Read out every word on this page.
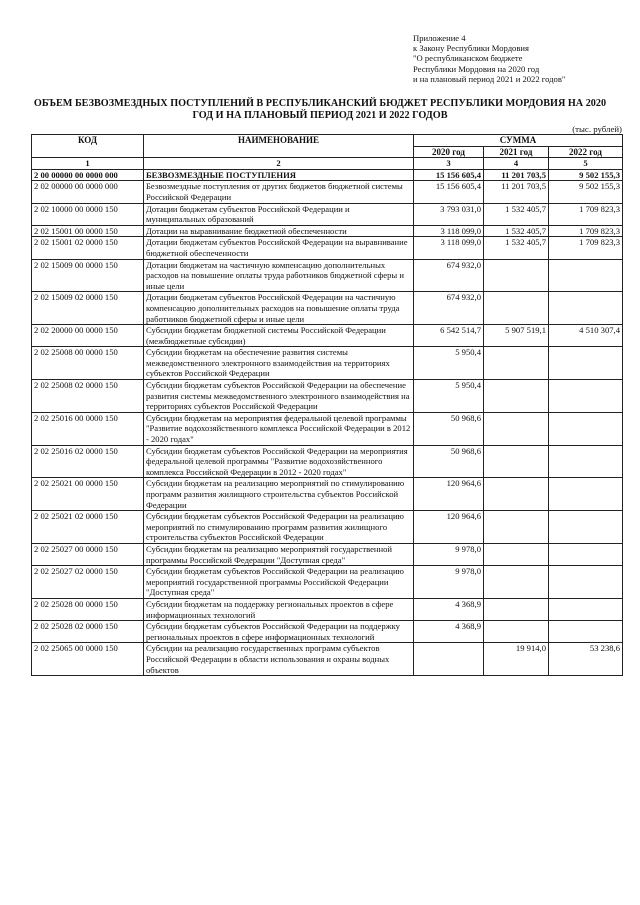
Приложение 4
к Закону Республики Мордовия
"О республиканском бюджете
Республики Мордовия на 2020 год
и на плановый период 2021 и 2022 годов"
ОБЪЕМ БЕЗВОЗМЕЗДНЫХ ПОСТУПЛЕНИЙ В РЕСПУБЛИКАНСКИЙ БЮДЖЕТ РЕСПУБЛИКИ МОРДОВИЯ НА 2020
ГОД И НА ПЛАНОВЫЙ ПЕРИОД 2021 И 2022 ГОДОВ
(тыс. рублей)
КОД	НАИМЕНОВАНИЕ	СУММА		
		2020 год	2021 год	2022 год
1	2	3	4	5
2 00 00000 00 0000 000	БЕЗВОЗМЕЗДНЫЕ ПОСТУПЛЕНИЯ	15 156 605,4	11 201 703,5	9 502 155,3
2 02 00000 00 0000 000	Безвозмездные поступления от других бюджетов бюджетной системы Российской Федерации	15 156 605,4	11 201 703,5	9 502 155,3
2 02 10000 00 0000 150	Дотации бюджетам субъектов Российской Федерации и муниципальных образований	3 793 031,0	1 532 405,7	1 709 823,3
2 02 15001 00 0000 150	Дотации на выравнивание бюджетной обеспеченности	3 118 099,0	1 532 405,7	1 709 823,3
2 02 15001 02 0000 150	Дотации бюджетам субъектов Российской Федерации на выравнивание бюджетной обеспеченности	3 118 099,0	1 532 405,7	1 709 823,3
2 02 15009 00 0000 150	Дотации бюджетам на частичную компенсацию дополнительных расходов на повышение оплаты труда работников бюджетной сферы и иные цели	674 932,0		
2 02 15009 02 0000 150	Дотации бюджетам субъектов Российской Федерации на частичную компенсацию дополнительных расходов на повышение оплаты труда работников бюджетной сферы и иные цели	674 932,0		
2 02 20000 00 0000 150	Субсидии бюджетам бюджетной системы Российской Федерации (межбюджетные субсидии)	6 542 514,7	5 907 519,1	4 510 307,4
2 02 25008 00 0000 150	Субсидии бюджетам на обеспечение развития системы межведомственного электронного взаимодействия на территориях субъектов Российской Федерации	5 950,4		
2 02 25008 02 0000 150	Субсидии бюджетам субъектов Российской Федерации на обеспечение развития системы межведомственного электронного взаимодействия на территориях субъектов Российской Федерации	5 950,4		
2 02 25016 00 0000 150	Субсидии бюджетам на мероприятия федеральной целевой программы "Развитие водохозяйственного комплекса Российской Федерации в 2012 - 2020 годах"	50 968,6		
2 02 25016 02 0000 150	Субсидии бюджетам субъектов Российской Федерации на мероприятия федеральной целевой программы "Развитие водохозяйственного комплекса Российской Федерации в 2012 - 2020 годах"	50 968,6		
2 02 25021 00 0000 150	Субсидии бюджетам на реализацию мероприятий по стимулированию программ развития жилищного строительства субъектов Российской Федерации	120 964,6		
2 02 25021 02 0000 150	Субсидии бюджетам субъектов Российской Федерации на реализацию мероприятий по стимулированию программ развития жилищного строительства субъектов Российской Федерации	120 964,6		
2 02 25027 00 0000 150	Субсидии бюджетам на реализацию мероприятий государственной программы Российской Федерации "Доступная среда"	9 978,0		
2 02 25027 02 0000 150	Субсидии бюджетам субъектов Российской Федерации на реализацию мероприятий государственной программы Российской Федерации "Доступная среда"	9 978,0		
2 02 25028 00 0000 150	Субсидии бюджетам на поддержку региональных проектов в сфере информационных технологий	4 368,9		
2 02 25028 02 0000 150	Субсидии бюджетам субъектов Российской Федерации на поддержку региональных проектов в сфере информационных технологий	4 368,9		
2 02 25065 00 0000 150	Субсидии на реализацию государственных программ субъектов Российской Федерации в области использования и охраны водных объектов		19 914,0	53 238,6
